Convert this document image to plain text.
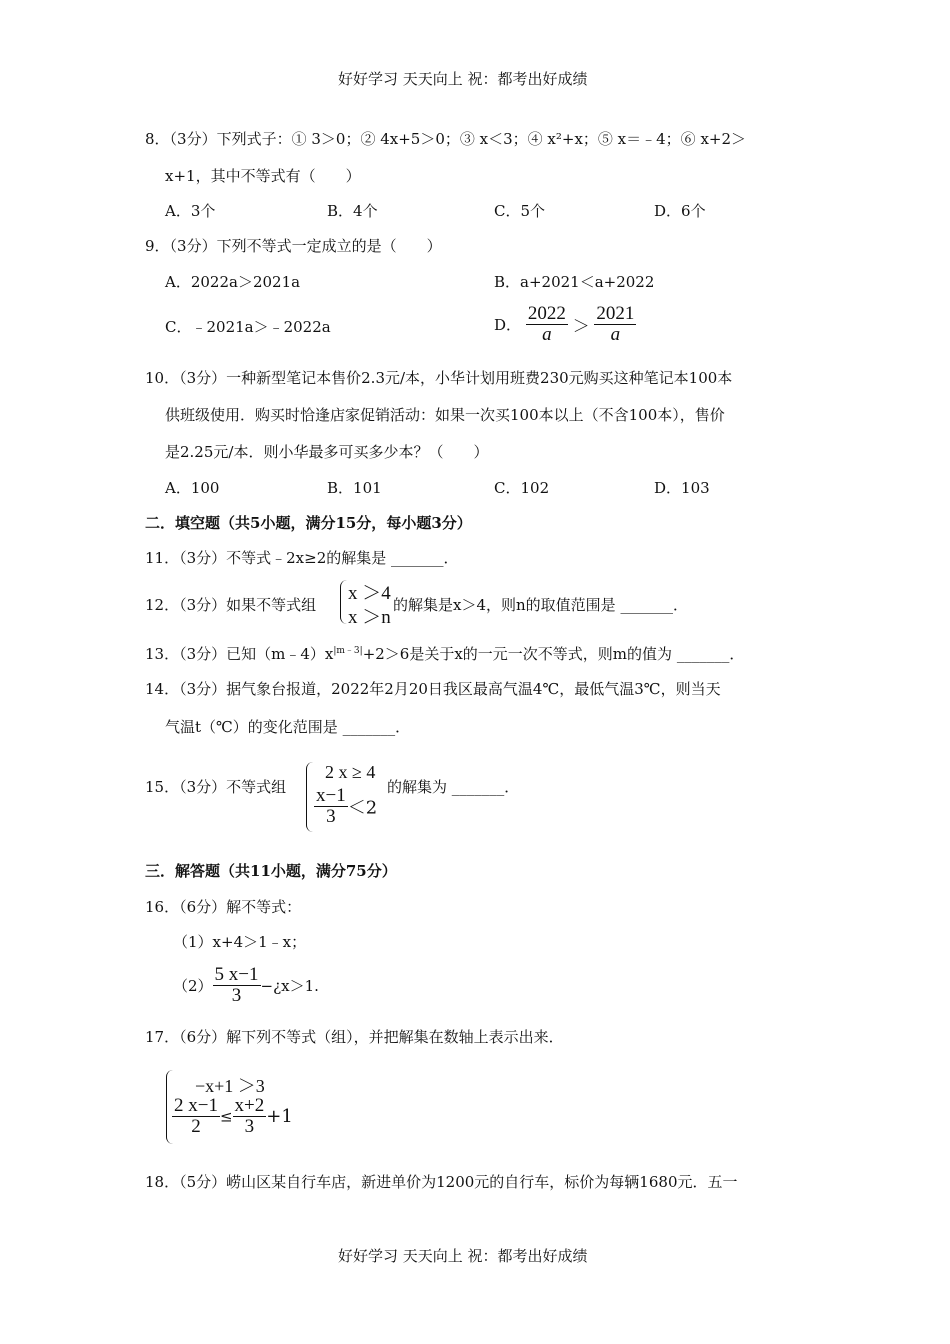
好好学习 天天向上 祝：都考出好成绩
8．（3分）下列式子：① 3＞0；② 4x+5＞0；③ x＜3；④ x²+x；⑤ x＝﹣4；⑥ x+2＞
x+1，其中不等式有（　　）
A．3个	B．4个	C．5个	D．6个
9．（3分）下列不等式一定成立的是（　　）
A．2022a＞2021a	B．a+2021＜a+2022
C．﹣2021a＞﹣2022a	D． $\frac{2022}{a} > \frac{2021}{a}$
10．（3分）一种新型笔记本售价2.3元/本，小华计划用班费230元购买这种笔记本100本
供班级使用．购买时恰逢店家促销活动：如果一次买100本以上（不含100本），售价
是2.25元/本．则小华最多可买多少本？（　　）
A．100	B．101	C．102	D．103
二．填空题（共5小题，满分15分，每小题3分）
11．（3分）不等式﹣2x≥2的解集是 _______．
12．（3分）如果不等式组
x ＞4
x ＞n
的解集是x＞4，则n的取值范围是 _______．
13．（3分）已知$(m﹣4)x^{|m﹣3|}+2>6$是关于x的一元一次不等式，则m的值为 _______．
14．（3分）据气象台报道，2022年2月20日我区最高气温4℃，最低气温3℃，则当天
气温t（℃）的变化范围是 _______．
15．（3分）不等式组
2 x ≥ 4
$\frac{x-1}{3} <2$
的解集为 _______．
三．解答题（共11小题，满分75分）
16．（6分）解不等式：
（1）x+4＞1﹣x；
$(2) \frac{5 x-1}{3}$ −¿x＞1.
17．（6分）解下列不等式（组），并把解集在数轴上表示出来．
−x+1 ＞3
$\frac{2 x-1}{2} \le \frac{x+2}{3} +1$
18．（5分）崂山区某自行车店，新进单价为1200元的自行车，标价为每辆1680元．五一
好好学习 天天向上 祝：都考出好成绩
